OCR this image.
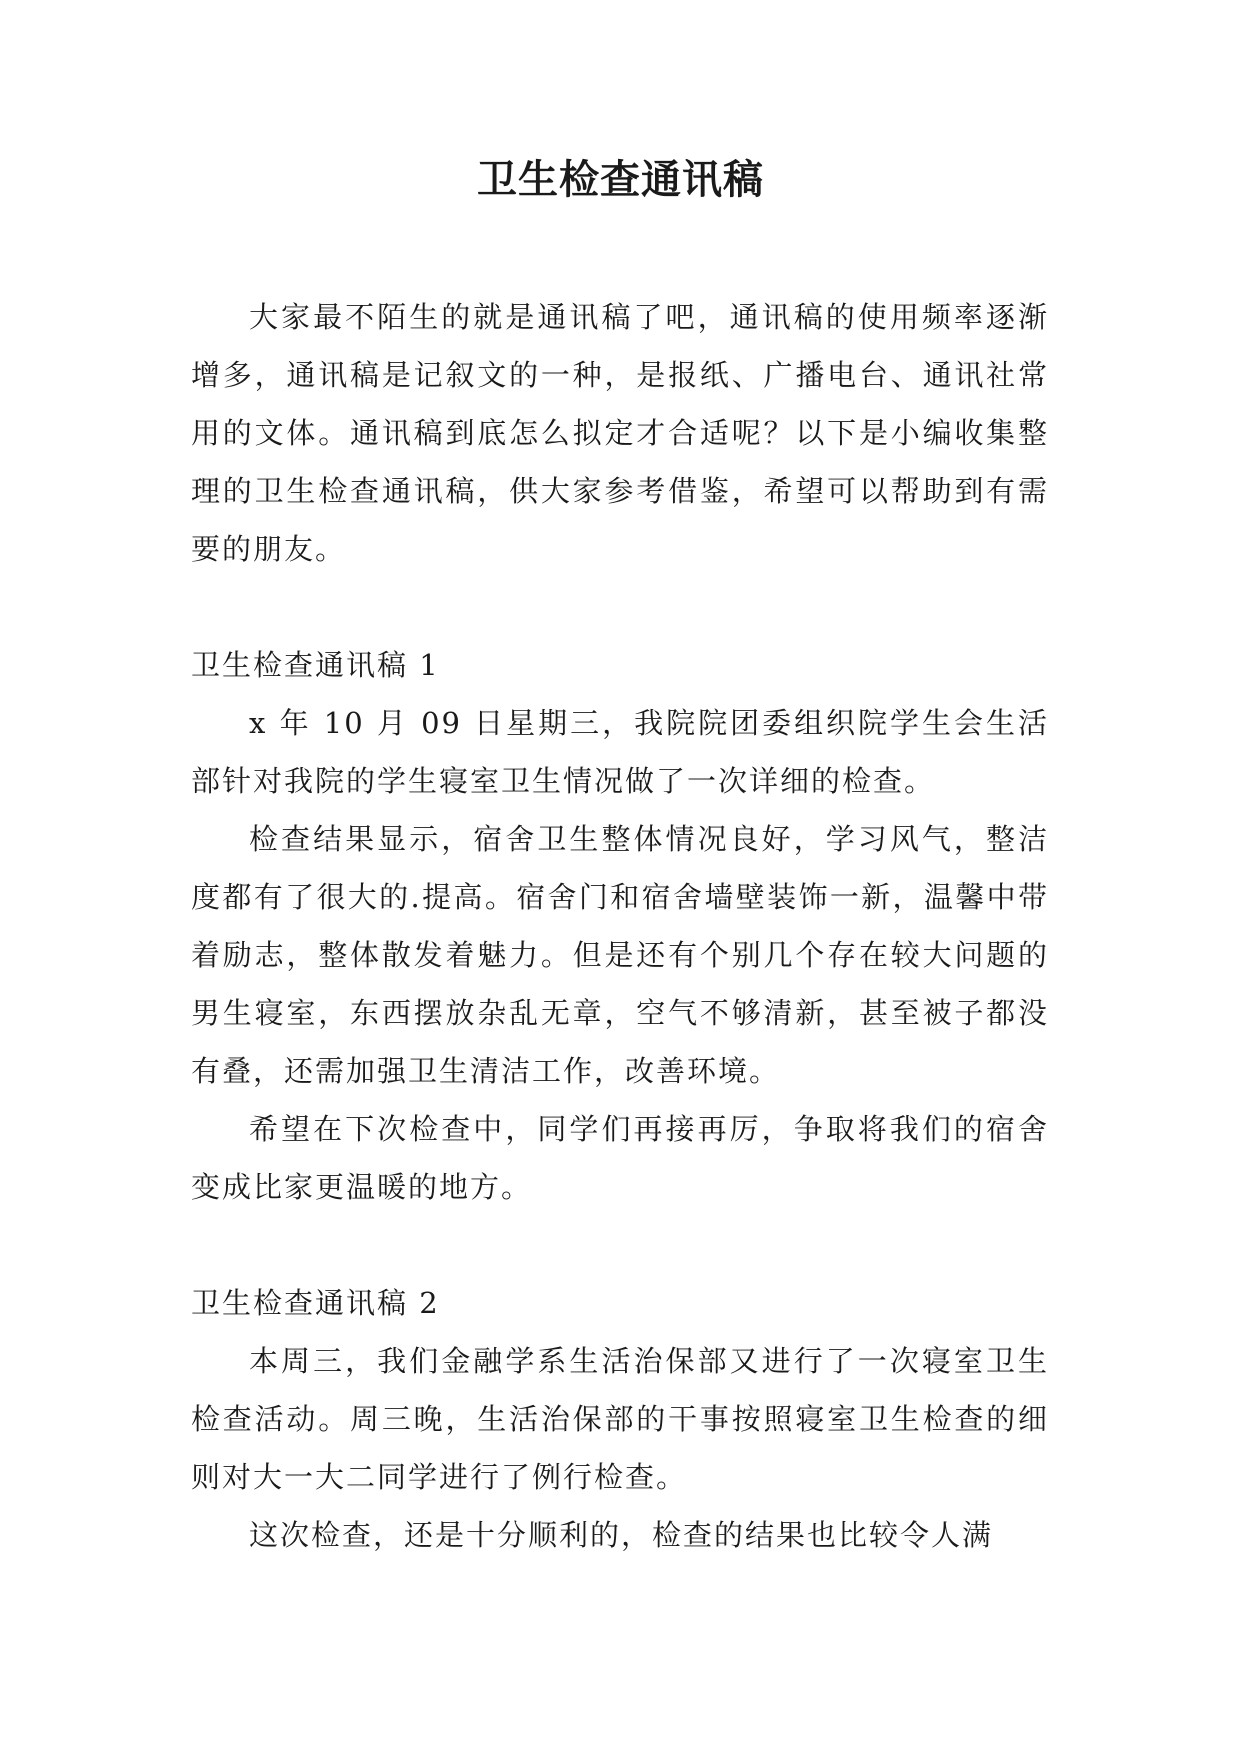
卫生检查通讯稿

大家最不陌生的就是通讯稿了吧，通讯稿的使用频率逐渐增多，通讯稿是记叙文的一种，是报纸、广播电台、通讯社常用的文体。通讯稿到底怎么拟定才合适呢？以下是小编收集整理的卫生检查通讯稿，供大家参考借鉴，希望可以帮助到有需要的朋友。

卫生检查通讯稿 1

x 年 10 月 09 日星期三，我院院团委组织院学生会生活部针对我院的学生寝室卫生情况做了一次详细的检查。

检查结果显示，宿舍卫生整体情况良好，学习风气，整洁度都有了很大的.提高。宿舍门和宿舍墙壁装饰一新，温馨中带着励志，整体散发着魅力。但是还有个别几个存在较大问题的男生寝室，东西摆放杂乱无章，空气不够清新，甚至被子都没有叠，还需加强卫生清洁工作，改善环境。

希望在下次检查中，同学们再接再厉，争取将我们的宿舍变成比家更温暖的地方。

卫生检查通讯稿 2

本周三，我们金融学系生活治保部又进行了一次寝室卫生检查活动。周三晚，生活治保部的干事按照寝室卫生检查的细则对大一大二同学进行了例行检查。

这次检查，还是十分顺利的，检查的结果也比较令人满
